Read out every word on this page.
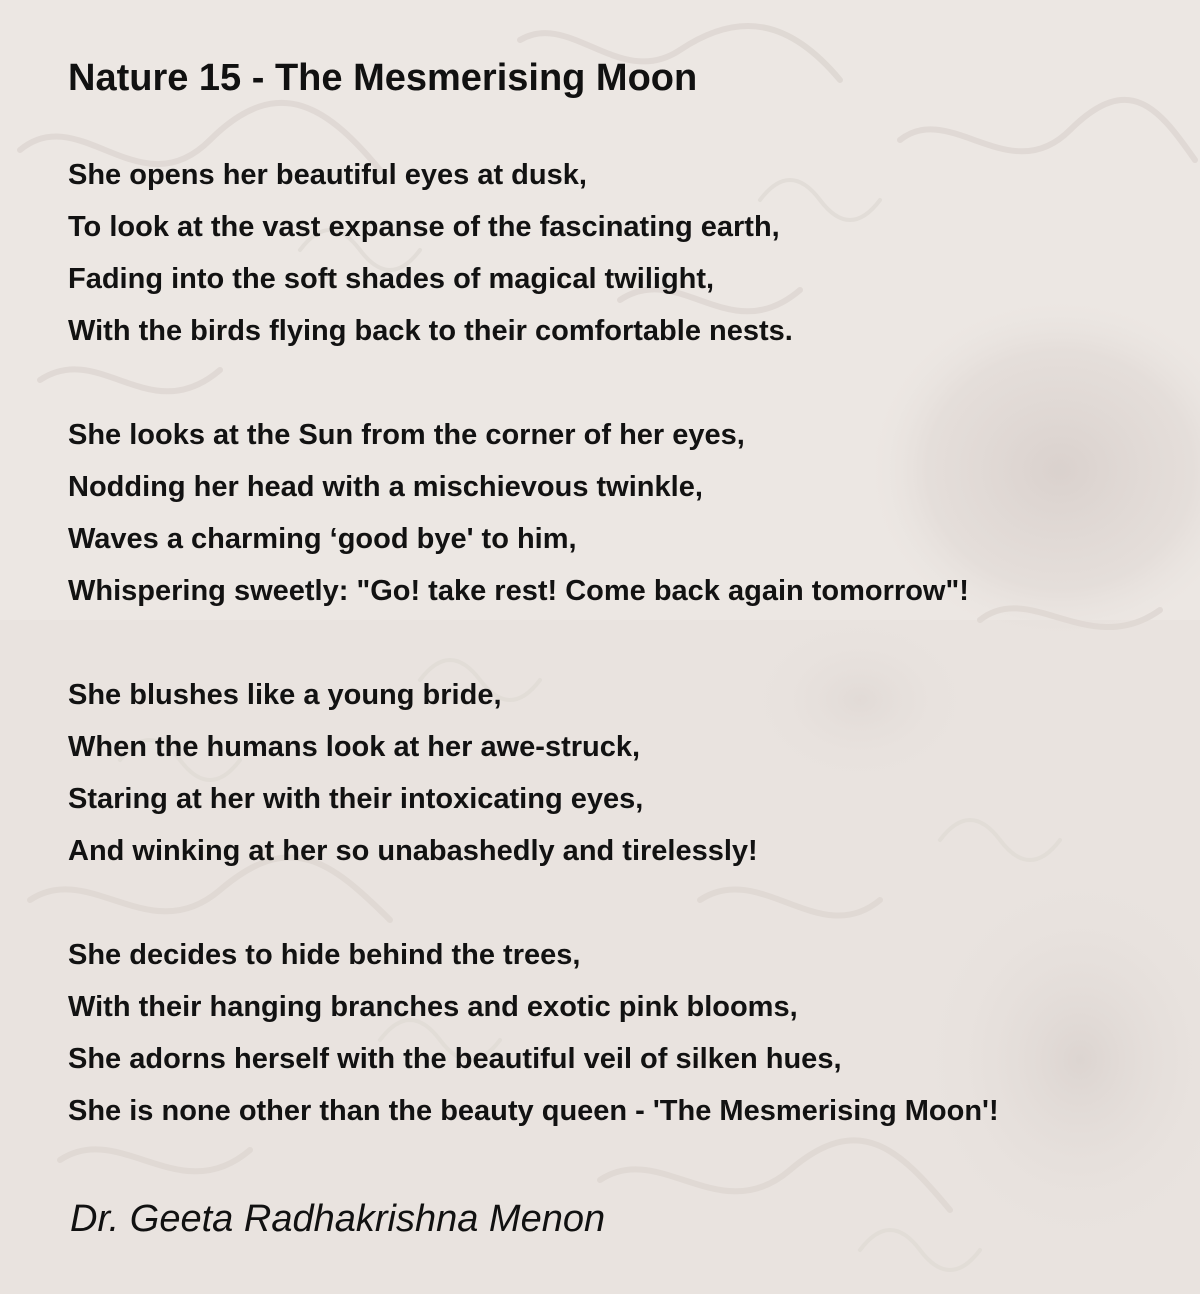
Nature 15 - The Mesmerising Moon
She opens her beautiful eyes at dusk,
To look at the vast expanse of the fascinating earth,
Fading into the soft shades of magical twilight,
With the birds flying back to their comfortable nests.
She looks at the Sun from the corner of her eyes,
Nodding her head with a mischievous twinkle,
Waves a charming ‘good bye' to him,
Whispering sweetly: "Go! take rest! Come back again tomorrow"!
She blushes like a young bride,
When the humans look at her awe-struck,
Staring at her with their intoxicating eyes,
And winking at her so unabashedly and tirelessly!
She decides to hide behind the trees,
With their hanging branches and exotic pink blooms,
She adorns herself with the beautiful veil of silken hues,
She is none other than the beauty queen - 'The Mesmerising Moon'!
Dr. Geeta Radhakrishna Menon
